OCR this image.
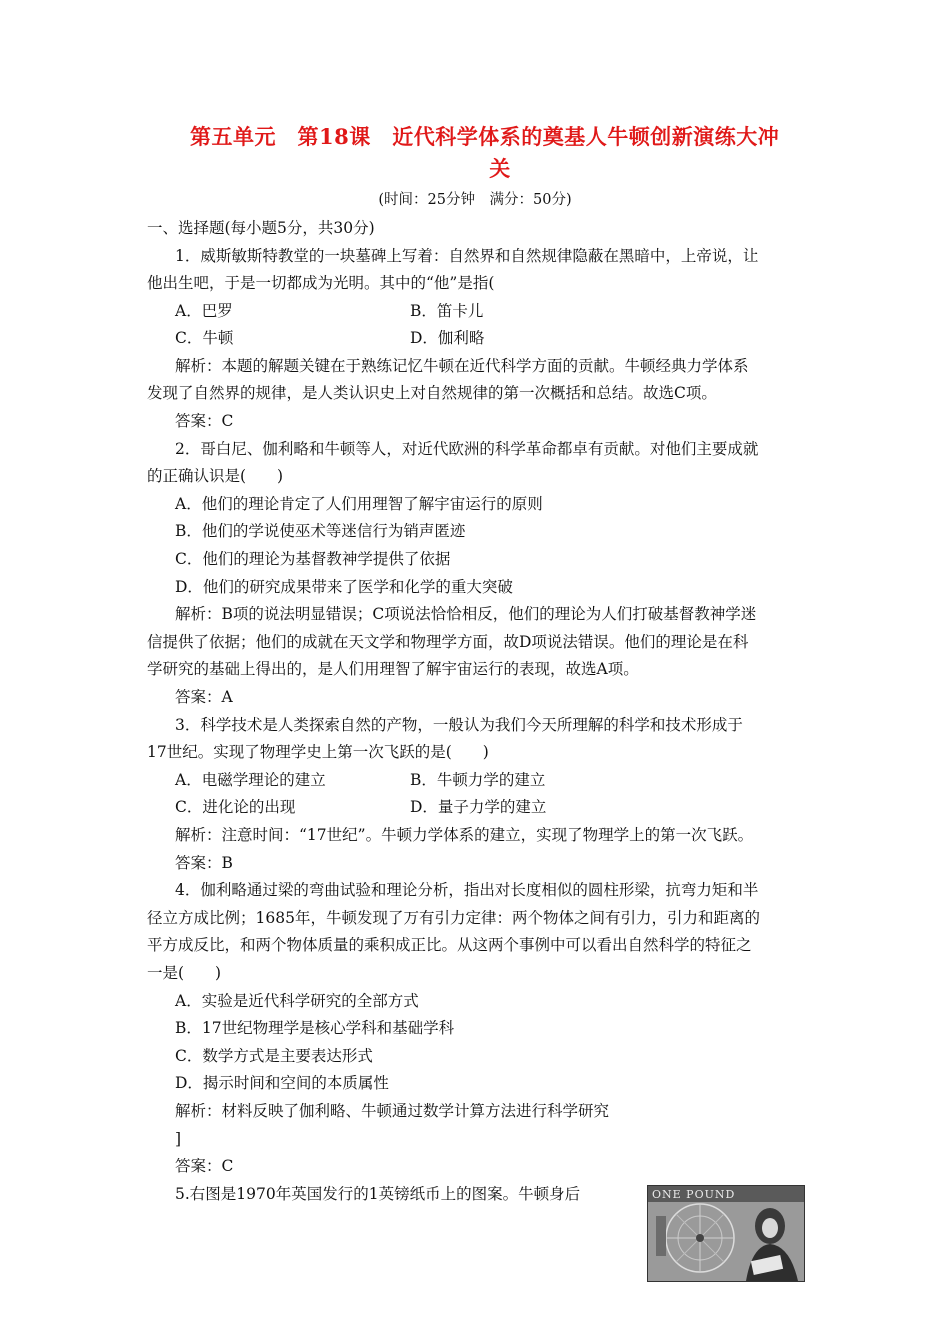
第五单元　第18课　近代科学体系的奠基人牛顿创新演练大冲
关
(时间：25分钟　满分：50分)
一、选择题(每小题5分，共30分)
1．威斯敏斯特教堂的一块墓碑上写着：自然界和自然规律隐蔽在黑暗中，上帝说，让
他出生吧，于是一切都成为光明。其中的“他”是指(
A．巴罗	B．笛卡儿
C．牛顿	D．伽利略
解析：本题的解题关键在于熟练记忆牛顿在近代科学方面的贡献。牛顿经典力学体系
发现了自然界的规律，是人类认识史上对自然规律的第一次概括和总结。故选C项。
答案：C
2．哥白尼、伽利略和牛顿等人，对近代欧洲的科学革命都卓有贡献。对他们主要成就
的正确认识是(　　)
A．他们的理论肯定了人们用理智了解宇宙运行的原则
B．他们的学说使巫术等迷信行为销声匿迹
C．他们的理论为基督教神学提供了依据
D．他们的研究成果带来了医学和化学的重大突破
解析：B项的说法明显错误；C项说法恰恰相反，他们的理论为人们打破基督教神学迷
信提供了依据；他们的成就在天文学和物理学方面，故D项说法错误。他们的理论是在科
学研究的基础上得出的，是人们用理智了解宇宙运行的表现，故选A项。
答案：A
3．科学技术是人类探索自然的产物，一般认为我们今天所理解的科学和技术形成于
17世纪。实现了物理学史上第一次飞跃的是(　　)
A．电磁学理论的建立	B．牛顿力学的建立
C．进化论的出现	D．量子力学的建立
解析：注意时间：“17世纪”。牛顿力学体系的建立，实现了物理学上的第一次飞跃。
答案：B
4．伽利略通过梁的弯曲试验和理论分析，指出对长度相似的圆柱形梁，抗弯力矩和半
径立方成比例；1685年，牛顿发现了万有引力定律：两个物体之间有引力，引力和距离的
平方成反比，和两个物体质量的乘积成正比。从这两个事例中可以看出自然科学的特征之
一是(　　)
A．实验是近代科学研究的全部方式
B．17世纪物理学是核心学科和基础学科
C．数学方式是主要表达形式
D．揭示时间和空间的本质属性
解析：材料反映了伽利略、牛顿通过数学计算方法进行科学研究
]
答案：C
5.右图是1970年英国发行的1英镑纸币上的图案。牛顿身后	ONE POUND
